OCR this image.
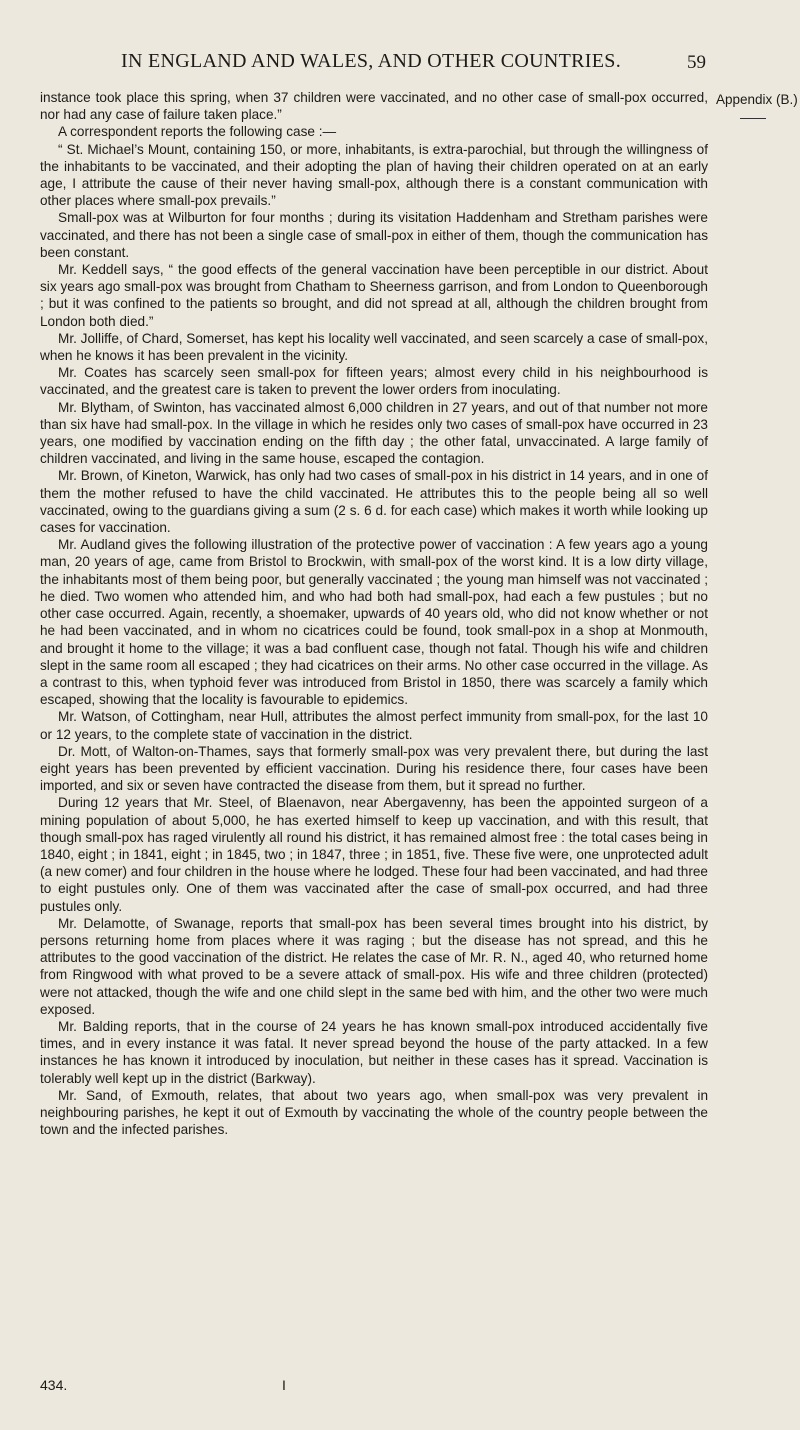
IN ENGLAND AND WALES, AND OTHER COUNTRIES.	59
Appendix (B.)

instance took place this spring, when 37 children were vaccinated, and no other case of small-pox occurred, nor had any case of failure taken place.”

A correspondent reports the following case :—

“ St. Michael’s Mount, containing 150, or more, inhabitants, is extra-parochial, but through the willingness of the inhabitants to be vaccinated, and their adopting the plan of having their children operated on at an early age, I attribute the cause of their never having small-pox, although there is a constant communication with other places where small-pox prevails.”

Small-pox was at Wilburton for four months ; during its visitation Haddenham and Stretham parishes were vaccinated, and there has not been a single case of small-pox in either of them, though the communication has been constant.

Mr. Keddell says, “ the good effects of the general vaccination have been perceptible in our district. About six years ago small-pox was brought from Chatham to Sheerness garrison, and from London to Queenborough ; but it was confined to the patients so brought, and did not spread at all, although the children brought from London both died.”

Mr. Jolliffe, of Chard, Somerset, has kept his locality well vaccinated, and seen scarcely a case of small-pox, when he knows it has been prevalent in the vicinity.

Mr. Coates has scarcely seen small-pox for fifteen years; almost every child in his neighbourhood is vaccinated, and the greatest care is taken to prevent the lower orders from inoculating.

Mr. Blytham, of Swinton, has vaccinated almost 6,000 children in 27 years, and out of that number not more than six have had small-pox. In the village in which he resides only two cases of small-pox have occurred in 23 years, one modified by vaccination ending on the fifth day ; the other fatal, unvaccinated. A large family of children vaccinated, and living in the same house, escaped the contagion.

Mr. Brown, of Kineton, Warwick, has only had two cases of small-pox in his district in 14 years, and in one of them the mother refused to have the child vaccinated. He attributes this to the people being all so well vaccinated, owing to the guardians giving a sum (2 s. 6 d. for each case) which makes it worth while looking up cases for vaccination.

Mr. Audland gives the following illustration of the protective power of vaccination : A few years ago a young man, 20 years of age, came from Bristol to Brockwin, with small-pox of the worst kind. It is a low dirty village, the inhabitants most of them being poor, but generally vaccinated ; the young man himself was not vaccinated ; he died. Two women who attended him, and who had both had small-pox, had each a few pustules ; but no other case occurred. Again, recently, a shoemaker, upwards of 40 years old, who did not know whether or not he had been vaccinated, and in whom no cicatrices could be found, took small-pox in a shop at Monmouth, and brought it home to the village; it was a bad confluent case, though not fatal. Though his wife and children slept in the same room all escaped ; they had cicatrices on their arms. No other case occurred in the village. As a contrast to this, when typhoid fever was introduced from Bristol in 1850, there was scarcely a family which escaped, showing that the locality is favourable to epidemics.

Mr. Watson, of Cottingham, near Hull, attributes the almost perfect immunity from small-pox, for the last 10 or 12 years, to the complete state of vaccination in the district.

Dr. Mott, of Walton-on-Thames, says that formerly small-pox was very prevalent there, but during the last eight years has been prevented by efficient vaccination. During his residence there, four cases have been imported, and six or seven have contracted the disease from them, but it spread no further.

During 12 years that Mr. Steel, of Blaenavon, near Abergavenny, has been the appointed surgeon of a mining population of about 5,000, he has exerted himself to keep up vaccination, and with this result, that though small-pox has raged virulently all round his district, it has remained almost free : the total cases being in 1840, eight ; in 1841, eight ; in 1845, two ; in 1847, three ; in 1851, five. These five were, one unprotected adult (a new comer) and four children in the house where he lodged. These four had been vaccinated, and had three to eight pustules only. One of them was vaccinated after the case of small-pox occurred, and had three pustules only.

Mr. Delamotte, of Swanage, reports that small-pox has been several times brought into his district, by persons returning home from places where it was raging ; but the disease has not spread, and this he attributes to the good vaccination of the district. He relates the case of Mr. R. N., aged 40, who returned home from Ringwood with what proved to be a severe attack of small-pox. His wife and three children (protected) were not attacked, though the wife and one child slept in the same bed with him, and the other two were much exposed.

Mr. Balding reports, that in the course of 24 years he has known small-pox introduced accidentally five times, and in every instance it was fatal. It never spread beyond the house of the party attacked. In a few instances he has known it introduced by inoculation, but neither in these cases has it spread. Vaccination is tolerably well kept up in the district (Barkway).

Mr. Sand, of Exmouth, relates, that about two years ago, when small-pox was very prevalent in neighbouring parishes, he kept it out of Exmouth by vaccinating the whole of the country people between the town and the infected parishes.

434.	I
